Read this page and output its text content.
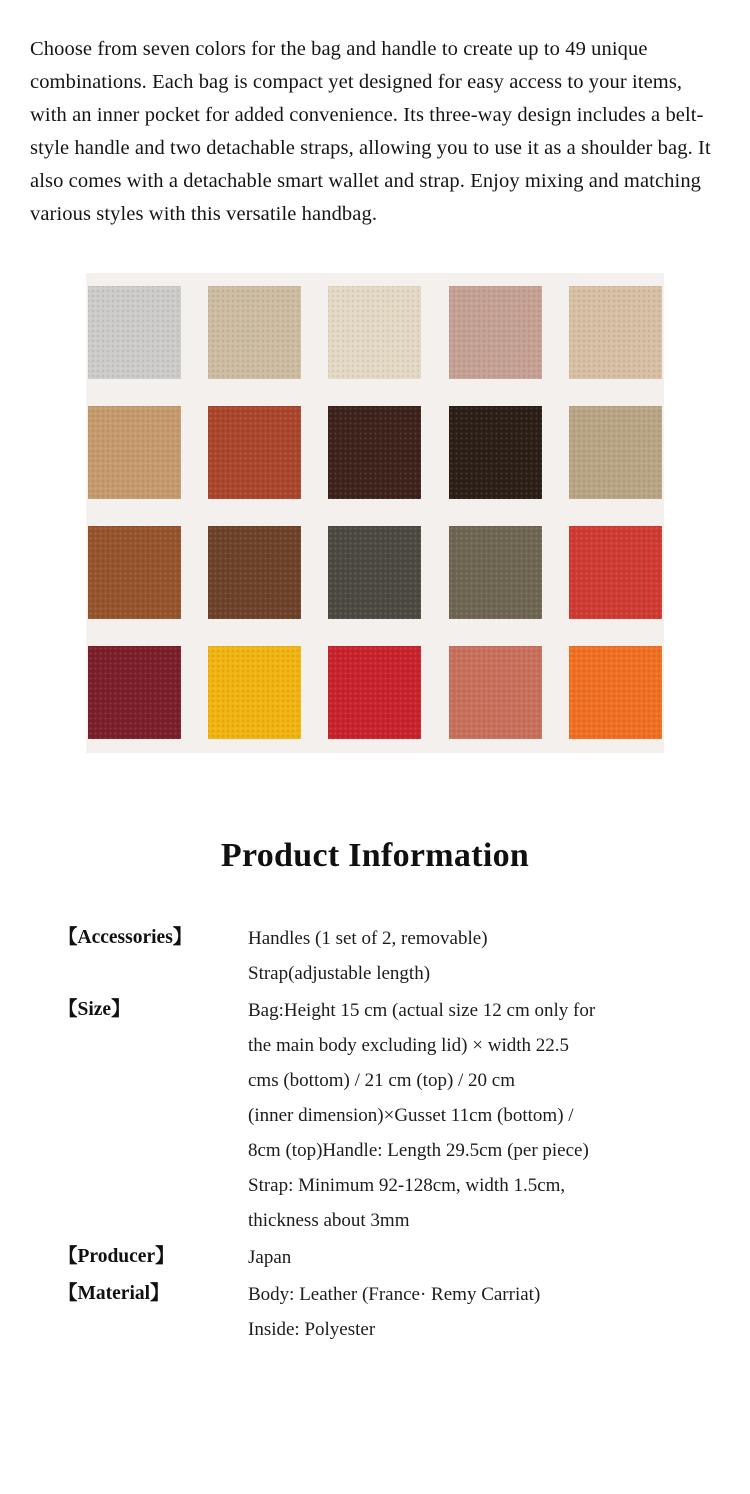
Choose from seven colors for the bag and handle to create up to 49 unique combinations. Each bag is compact yet designed for easy access to your items, with an inner pocket for added convenience. Its three-way design includes a belt-style handle and two detachable straps, allowing you to use it as a shoulder bag. It also comes with a detachable smart wallet and strap. Enjoy mixing and matching various styles with this versatile handbag.

Product Information
【Accessories】	Handles (1 set of 2, removable)
Strap(adjustable length)
【Size】	Bag:Height 15 cm (actual size 12 cm only for
the main body excluding lid) × width 22.5
cms (bottom) / 21 cm (top) / 20 cm
(inner dimension)×Gusset 11cm (bottom) /
8cm (top)Handle: Length 29.5cm (per piece)
Strap: Minimum 92-128cm, width 1.5cm,
thickness about 3mm
【Producer】	Japan
【Material】	Body: Leather (France· Remy Carriat)
Inside: Polyester
